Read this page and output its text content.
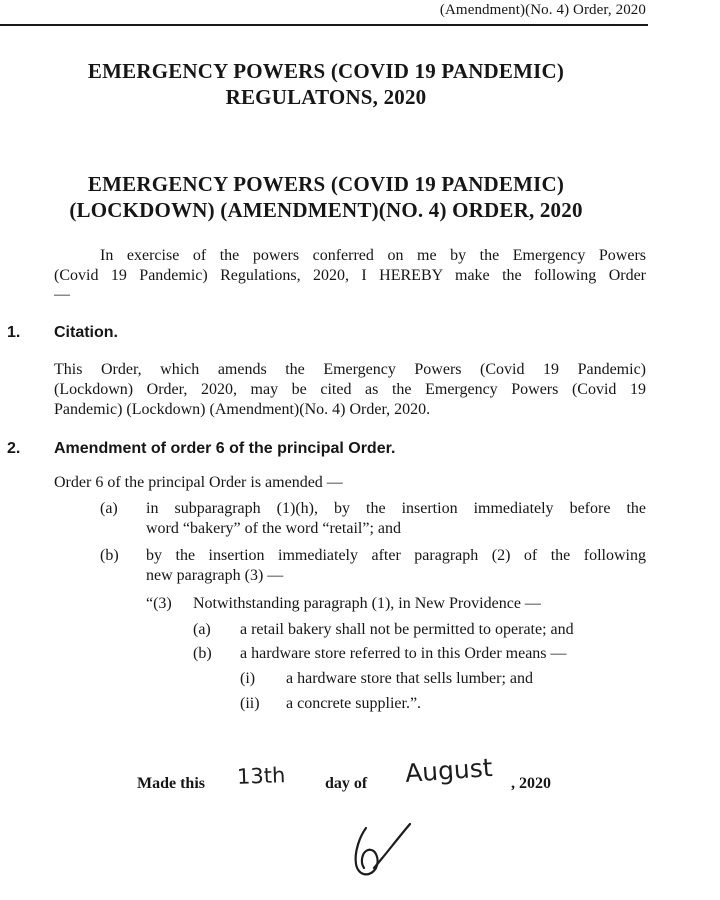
(Amendment)(No. 4) Order, 2020
EMERGENCY POWERS (COVID 19 PANDEMIC)
REGULATONS, 2020
EMERGENCY POWERS (COVID 19 PANDEMIC)
(LOCKDOWN) (AMENDMENT)(NO. 4) ORDER, 2020
In exercise of the powers conferred on me by the Emergency Powers
(Covid 19 Pandemic) Regulations, 2020, I HEREBY make the following Order
—
1. Citation.
This Order, which amends the Emergency Powers (Covid 19 Pandemic)
(Lockdown) Order, 2020, may be cited as the Emergency Powers (Covid 19
Pandemic) (Lockdown) (Amendment)(No. 4) Order, 2020.
2. Amendment of order 6 of the principal Order.
Order 6 of the principal Order is amended —
(a) in subparagraph (1)(h), by the insertion immediately before the
word “bakery” of the word “retail”; and
(b) by the insertion immediately after paragraph (2) of the following
new paragraph (3) —
“(3) Notwithstanding paragraph (1), in New Providence —
(a) a retail bakery shall not be permitted to operate; and
(b) a hardware store referred to in this Order means —
(i) a hardware store that sells lumber; and
(ii) a concrete supplier.”.
Made this 13th day of August , 2020
